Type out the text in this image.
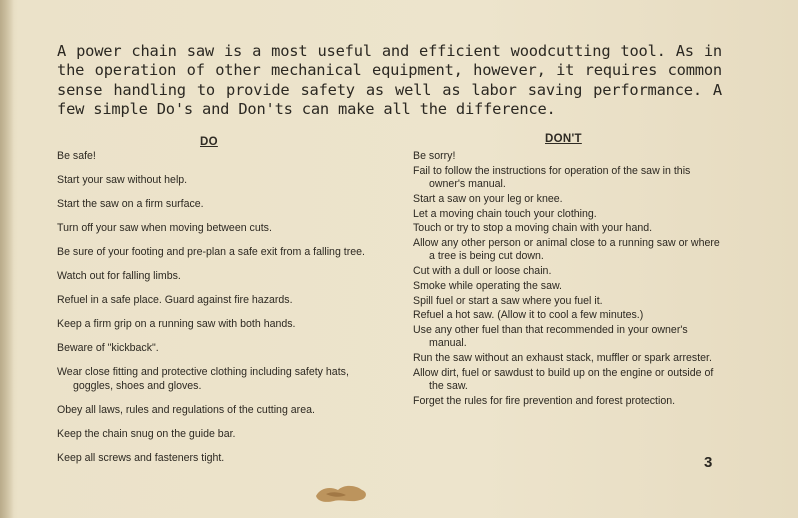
A power chain saw is a most useful and efficient woodcutting tool. As in the operation of other mechanical equipment, however, it requires common sense handling to provide safety as well as labor saving performance. A few simple Do's and Don'ts can make all the difference.
DO	DON'T
Be safe!
Start your saw without help.
Start the saw on a firm surface.
Turn off your saw when moving between cuts.
Be sure of your footing and pre-plan a safe exit from a falling tree.
Watch out for falling limbs.
Refuel in a safe place. Guard against fire hazards.
Keep a firm grip on a running saw with both hands.
Beware of "kickback".
Wear close fitting and protective clothing including safety hats, goggles, shoes and gloves.
Obey all laws, rules and regulations of the cutting area.
Keep the chain snug on the guide bar.
Keep all screws and fasteners tight.
Be sorry!
Fail to follow the instructions for operation of the saw in this owner's manual.
Start a saw on your leg or knee.
Let a moving chain touch your clothing.
Touch or try to stop a moving chain with your hand.
Allow any other person or animal close to a running saw or where a tree is being cut down.
Cut with a dull or loose chain.
Smoke while operating the saw.
Spill fuel or start a saw where you fuel it.
Refuel a hot saw. (Allow it to cool a few minutes.)
Use any other fuel than that recommended in your owner's manual.
Run the saw without an exhaust stack, muffler or spark arrester.
Allow dirt, fuel or sawdust to build up on the engine or outside of the saw.
Forget the rules for fire prevention and forest protection.
3
